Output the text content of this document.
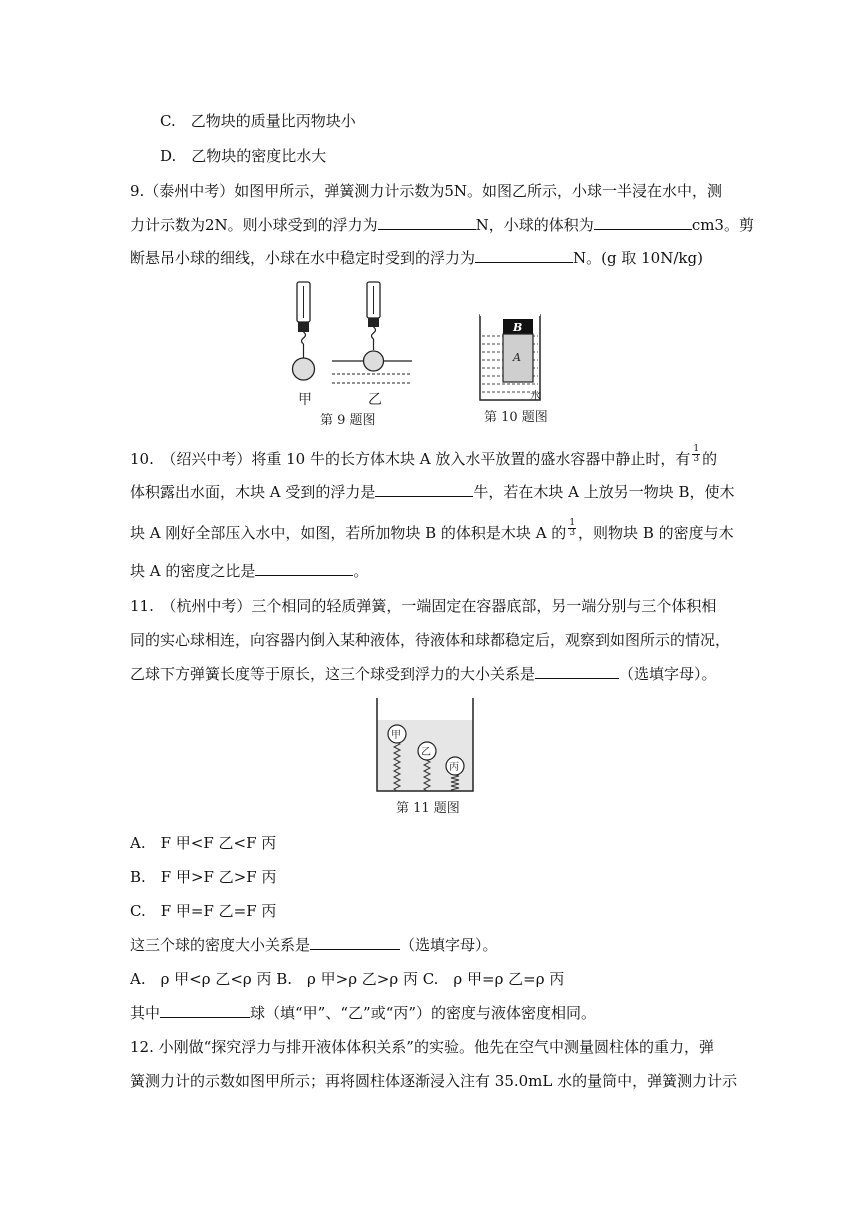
C.　乙物块的质量比丙物块小
D.　乙物块的密度比水大
9.（泰州中考）如图甲所示，弹簧测力计示数为5N。如图乙所示，小球一半浸在水中，测
力计示数为2N。则小球受到的浮力为	N，小球的体积为	cm3。剪
断悬吊小球的细线，小球在水中稳定时受到的浮力为	N。(g 取 10N/kg)
甲	乙
第 9 题图
B
A
水
第 10 题图
10.　（绍兴中考）将重 10 牛的长方体木块 A 放入水平放置的盛水容器中静止时，有 $\frac{1}{3}$ 的
体积露出水面，木块 A 受到的浮力是	牛，若在木块 A 上放另一物块 B，使木
块 A 刚好全部压入水中，如图，若所加物块 B 的体积是木块 A 的 $\frac{1}{3}$ ，则物块 B 的密度与木
块 A 的密度之比是	。
11.　（杭州中考）三个相同的轻质弹簧，一端固定在容器底部，另一端分别与三个体积相
同的实心球相连，向容器内倒入某种液体，待液体和球都稳定后，观察到如图所示的情况，
乙球下方弹簧长度等于原长，这三个球受到浮力的大小关系是	（选填字母）。
甲
乙
丙
第 11 题图
A.　F 甲<F 乙<F 丙
B.　F 甲>F 乙>F 丙
C.　F 甲=F 乙=F 丙
这三个球的密度大小关系是	（选填字母）。
A.　ρ 甲<ρ 乙<ρ 丙 B.　ρ 甲>ρ 乙>ρ 丙 C.　ρ 甲=ρ 乙=ρ 丙
其中	球（填“甲”、“乙”或“丙”）的密度与液体密度相同。
12. 小刚做“探究浮力与排开液体体积关系”的实验。他先在空气中测量圆柱体的重力，弹
簧测力计的示数如图甲所示；再将圆柱体逐渐浸入注有 35.0mL 水的量筒中，弹簧测力计示
